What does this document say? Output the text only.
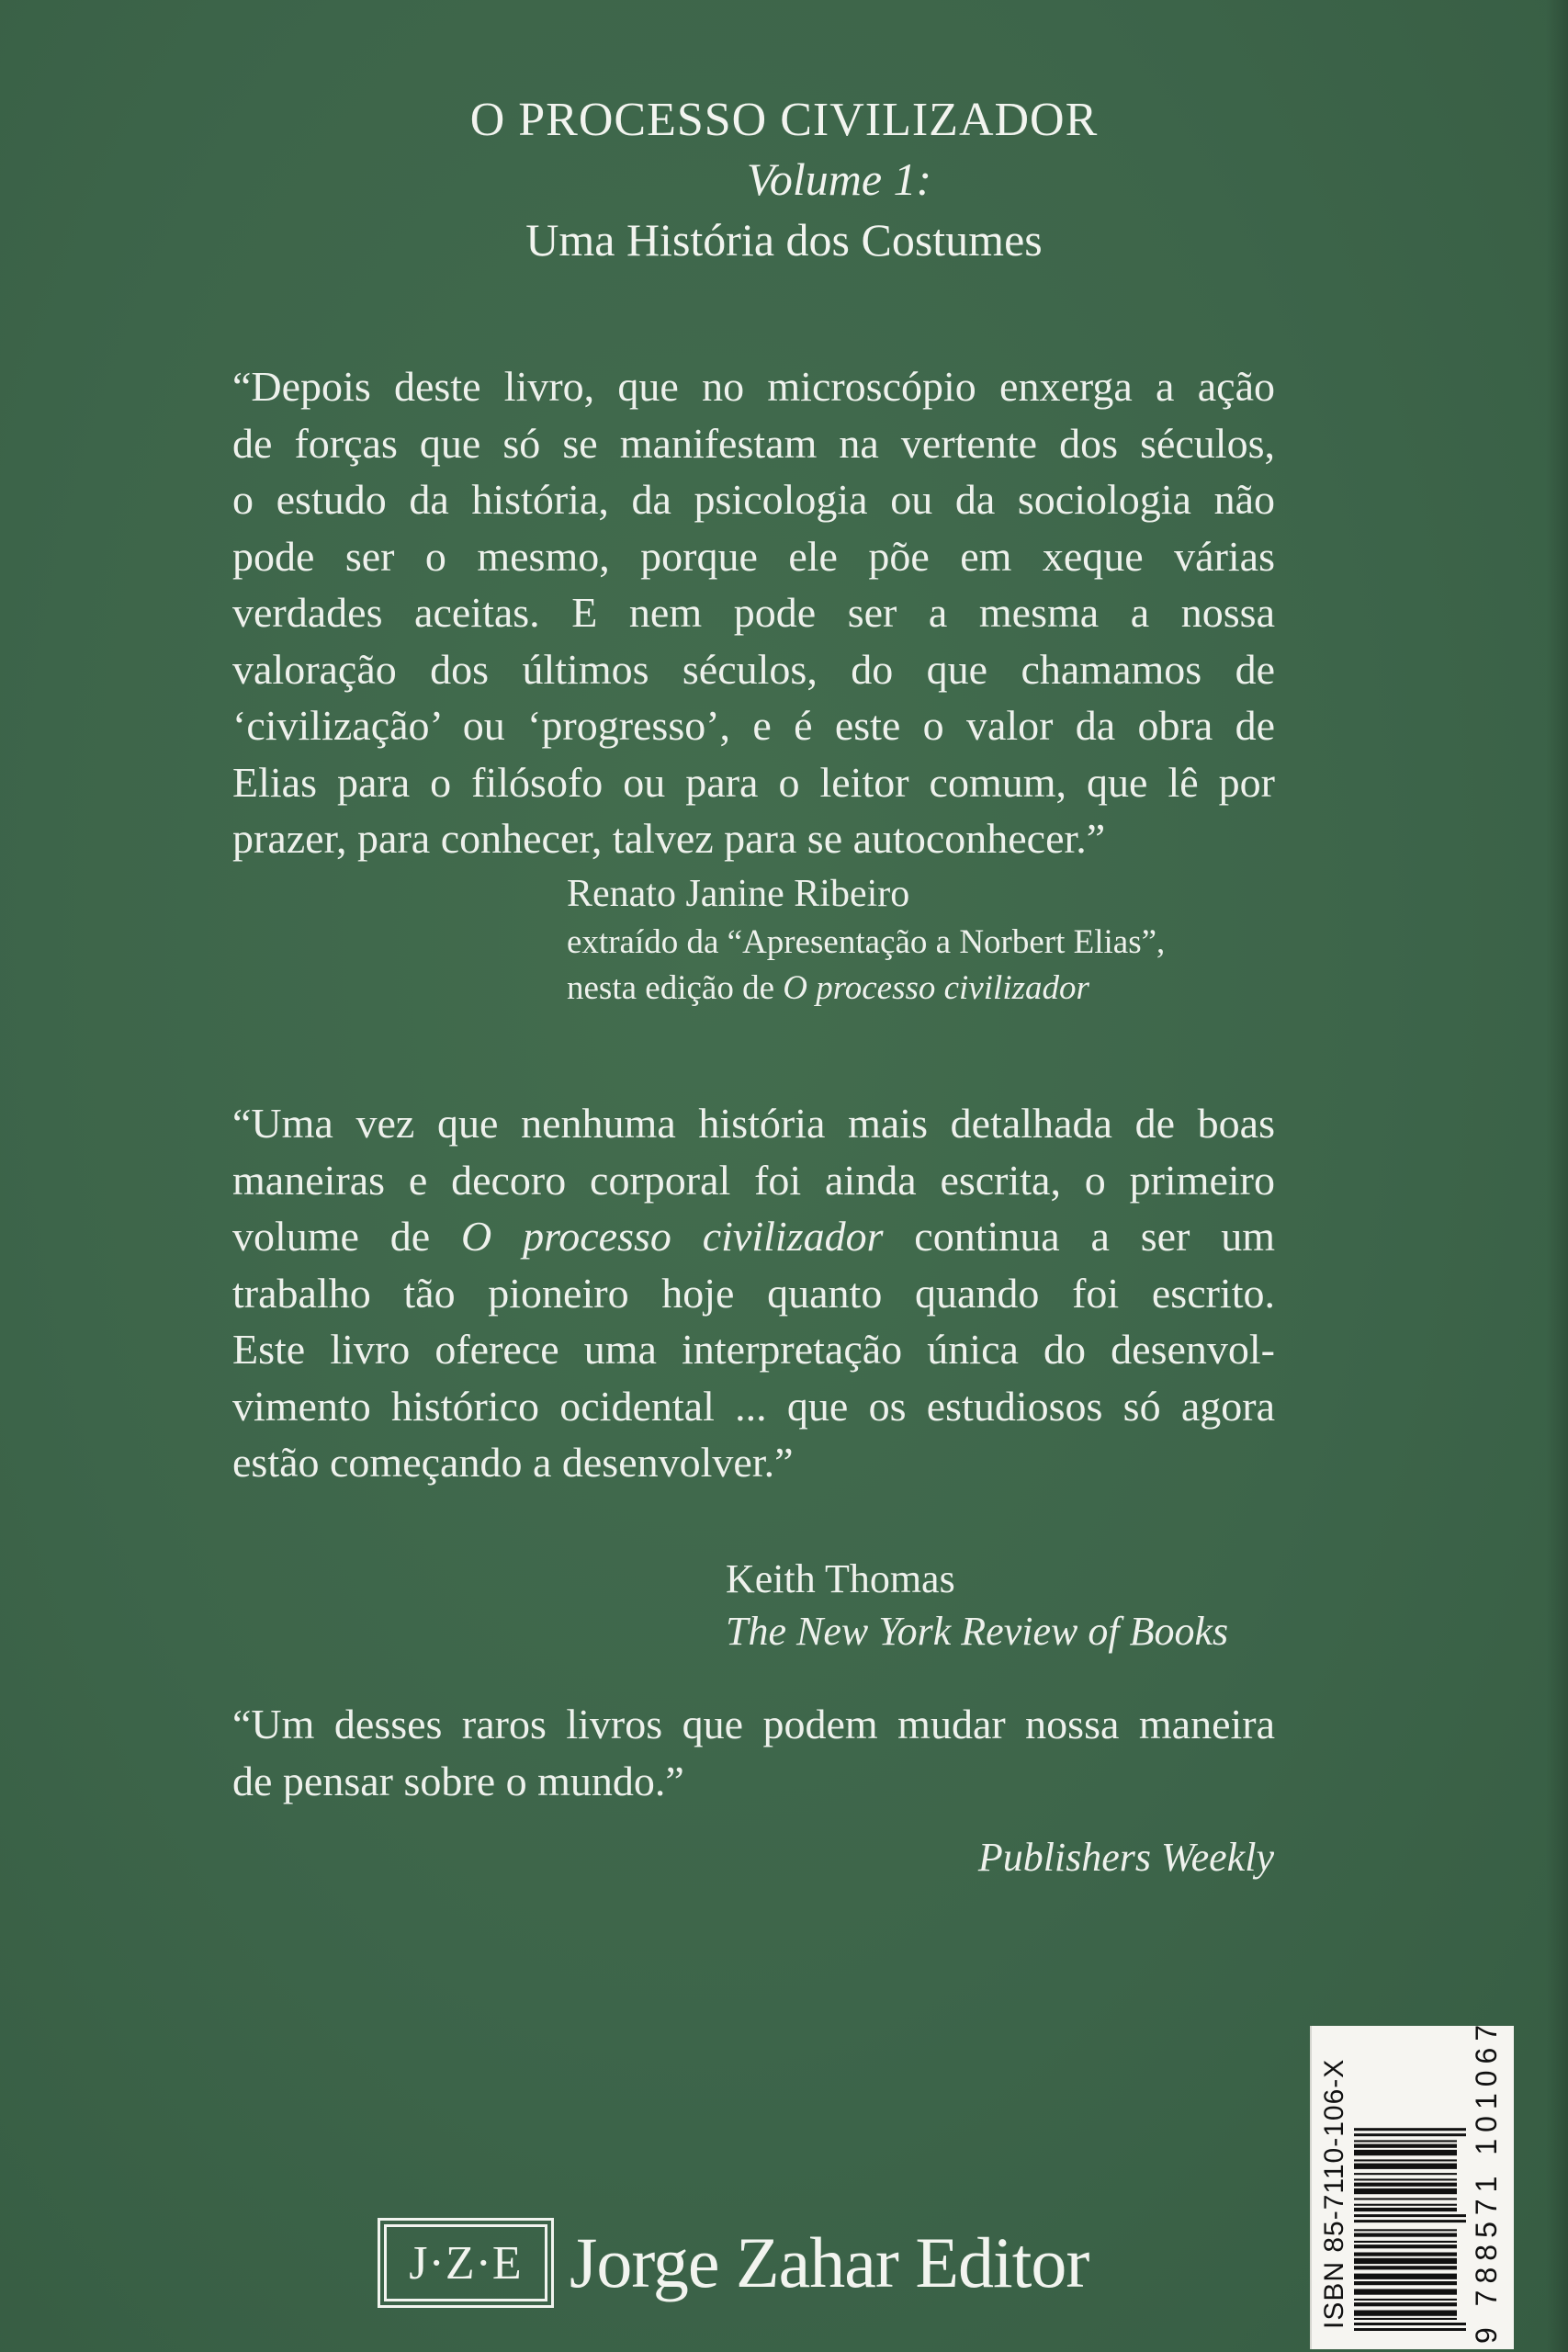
O PROCESSO CIVILIZADOR
Volume 1:
Uma História dos Costumes
“Depois deste livro, que no microscópio enxerga a ação
de forças que só se manifestam na vertente dos séculos,
o estudo da história, da psicologia ou da sociologia não
pode ser o mesmo, porque ele põe em xeque várias
verdades aceitas. E nem pode ser a mesma a nossa
valoração dos últimos séculos, do que chamamos de
‘civilização’ ou ‘progresso’, e é este o valor da obra de
Elias para o filósofo ou para o leitor comum, que lê por
prazer, para conhecer, talvez para se autoconhecer.”
Renato Janine Ribeiro
extraído da “Apresentação a Norbert Elias”,
nesta edição de O processo civilizador
“Uma vez que nenhuma história mais detalhada de boas
maneiras e decoro corporal foi ainda escrita, o primeiro
volume de O processo civilizador continua a ser um
trabalho tão pioneiro hoje quanto quando foi escrito.
Este livro oferece uma interpretação única do desenvol-
vimento histórico ocidental ... que os estudiosos só agora
estão começando a desenvolver.”
Keith Thomas
The New York Review of Books
“Um desses raros livros que podem mudar nossa maneira
de pensar sobre o mundo.”
Publishers Weekly
J·Z·E Jorge Zahar Editor	ISBN 85-7110-106-X	9 788571 101067
